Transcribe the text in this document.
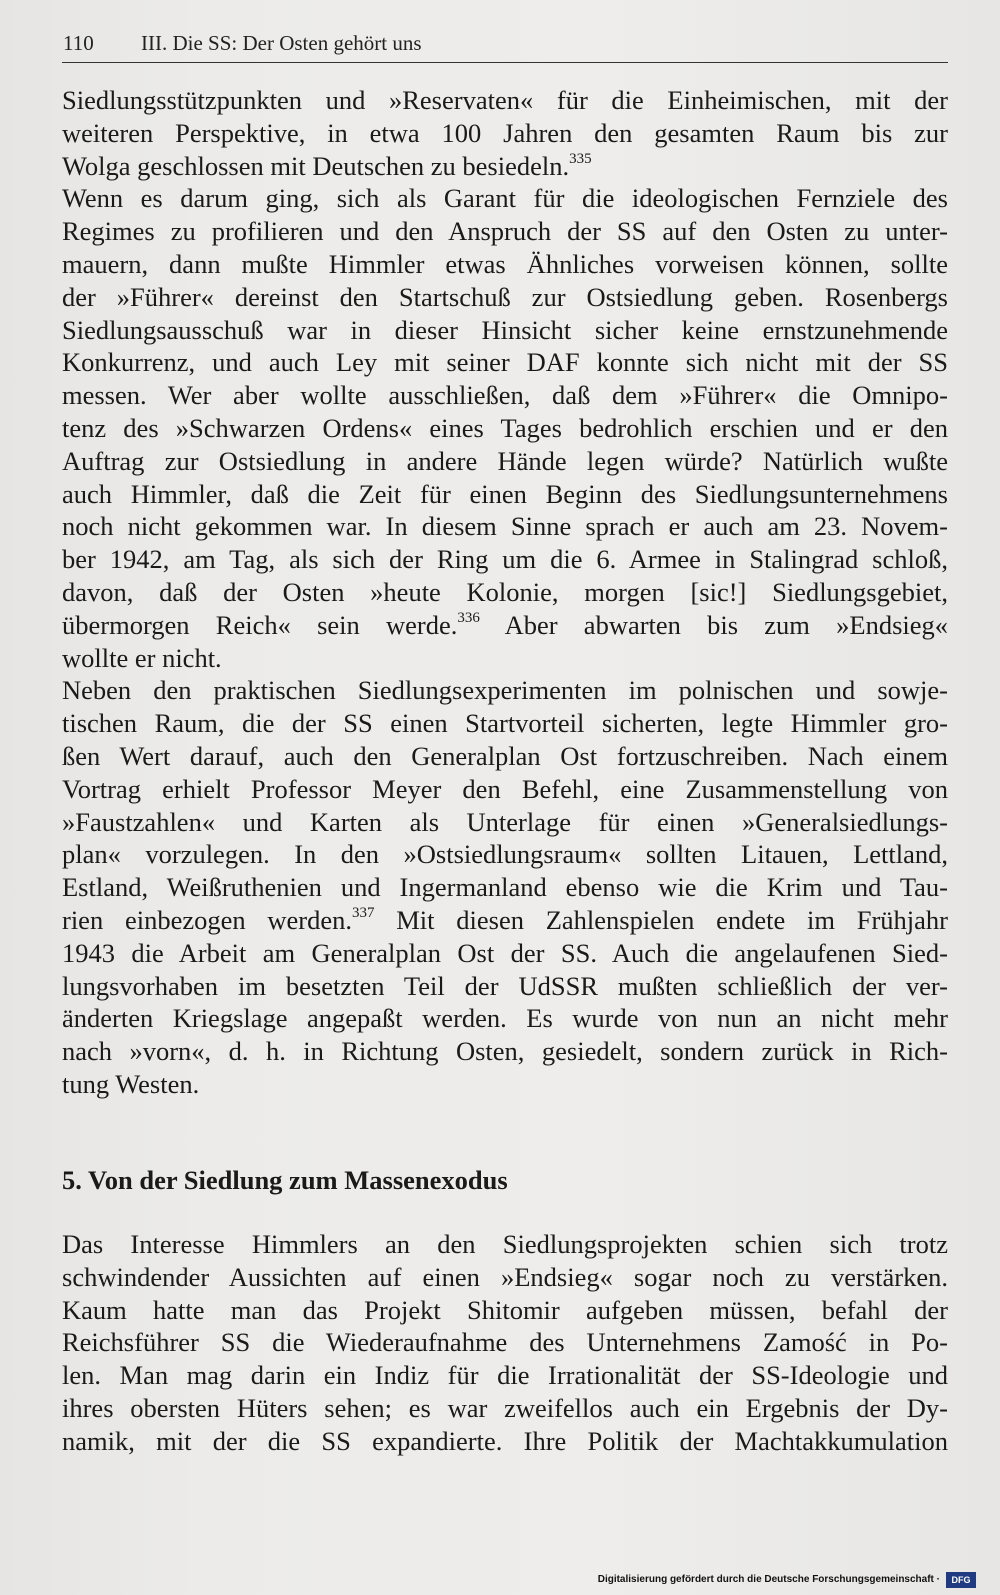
110 III. Die SS: Der Osten gehört uns
Siedlungsstützpunkten und »Reservaten« für die Einheimischen, mit der
weiteren Perspektive, in etwa 100 Jahren den gesamten Raum bis zur
Wolga geschlossen mit Deutschen zu besiedeln.$^{335}$
Wenn es darum ging, sich als Garant für die ideologischen Fernziele des
Regimes zu profilieren und den Anspruch der SS auf den Osten zu unter-
mauern, dann mußte Himmler etwas Ähnliches vorweisen können, sollte
der »Führer« dereinst den Startschuß zur Ostsiedlung geben. Rosenbergs
Siedlungsausschuß war in dieser Hinsicht sicher keine ernstzunehmende
Konkurrenz, und auch Ley mit seiner DAF konnte sich nicht mit der SS
messen. Wer aber wollte ausschließen, daß dem »Führer« die Omnipo-
tenz des »Schwarzen Ordens« eines Tages bedrohlich erschien und er den
Auftrag zur Ostsiedlung in andere Hände legen würde? Natürlich wußte
auch Himmler, daß die Zeit für einen Beginn des Siedlungsunternehmens
noch nicht gekommen war. In diesem Sinne sprach er auch am 23. Novem-
ber 1942, am Tag, als sich der Ring um die 6. Armee in Stalingrad schloß,
davon, daß der Osten »heute Kolonie, morgen [sic!] Siedlungsgebiet,
übermorgen Reich« sein werde.$^{336}$ Aber abwarten bis zum »Endsieg«
wollte er nicht.
Neben den praktischen Siedlungsexperimenten im polnischen und sowje-
tischen Raum, die der SS einen Startvorteil sicherten, legte Himmler gro-
ßen Wert darauf, auch den Generalplan Ost fortzuschreiben. Nach einem
Vortrag erhielt Professor Meyer den Befehl, eine Zusammenstellung von
»Faustzahlen« und Karten als Unterlage für einen »Generalsiedlungs-
plan« vorzulegen. In den »Ostsiedlungsraum« sollten Litauen, Lettland,
Estland, Weißruthenien und Ingermanland ebenso wie die Krim und Tau-
rien einbezogen werden.$^{337}$ Mit diesen Zahlenspielen endete im Frühjahr
1943 die Arbeit am Generalplan Ost der SS. Auch die angelaufenen Sied-
lungsvorhaben im besetzten Teil der UdSSR mußten schließlich der ver-
änderten Kriegslage angepaßt werden. Es wurde von nun an nicht mehr
nach »vorn«, d. h. in Richtung Osten, gesiedelt, sondern zurück in Rich-
tung Westen.
5. Von der Siedlung zum Massenexodus
Das Interesse Himmlers an den Siedlungsprojekten schien sich trotz
schwindender Aussichten auf einen »Endsieg« sogar noch zu verstärken.
Kaum hatte man das Projekt Shitomir aufgeben müssen, befahl der
Reichsführer SS die Wiederaufnahme des Unternehmens Zamość in Po-
len. Man mag darin ein Indiz für die Irrationalität der SS-Ideologie und
ihres obersten Hüters sehen; es war zweifellos auch ein Ergebnis der Dy-
namik, mit der die SS expandierte. Ihre Politik der Machtakkumulation
Digitalisierung gefördert durch die Deutsche Forschungsgemeinschaft ·	DFG
